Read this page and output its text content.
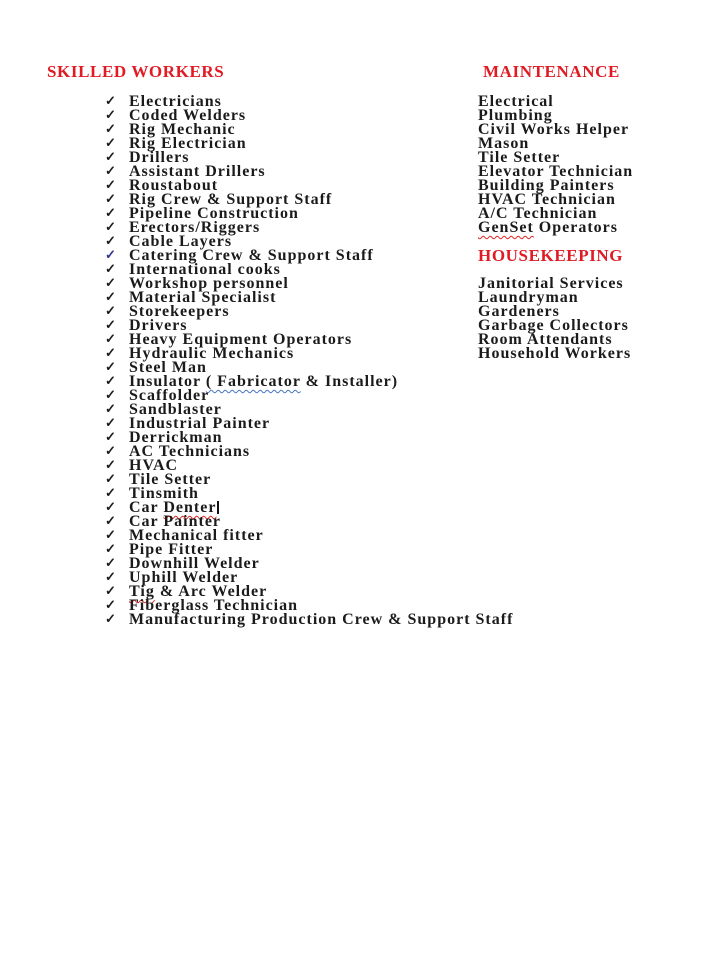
SKILLED WORKERS	MAINTENANCE
✓ Electricians
✓ Coded Welders
✓ Rig Mechanic
✓ Rig Electrician
✓ Drillers
✓ Assistant Drillers
✓ Roustabout
✓ Rig Crew & Support Staff
✓ Pipeline Construction
✓ Erectors/Riggers
✓ Cable Layers
✓ Catering Crew & Support Staff
✓ International cooks
✓ Workshop personnel
✓ Material Specialist
✓ Storekeepers
✓ Drivers
✓ Heavy Equipment Operators
✓ Hydraulic Mechanics
✓ Steel Man
✓ Insulator ( Fabricator & Installer)
✓ Scaffolder
✓ Sandblaster
✓ Industrial Painter
✓ Derrickman
✓ AC Technicians
✓ HVAC
✓ Tile Setter
✓ Tinsmith
✓ Car Denter
✓ Car Painter
✓ Mechanical fitter
✓ Pipe Fitter
✓ Downhill Welder
✓ Uphill Welder
✓ Tig & Arc Welder
✓ Fiberglass Technician
✓ Manufacturing Production Crew & Support Staff
Electrical
Plumbing
Civil Works Helper
Mason
Tile Setter
Elevator Technician
Building Painters
HVAC Technician
A/C Technician
GenSet Operators
HOUSEKEEPING
Janitorial Services
Laundryman
Gardeners
Garbage Collectors
Room Attendants
Household Workers
